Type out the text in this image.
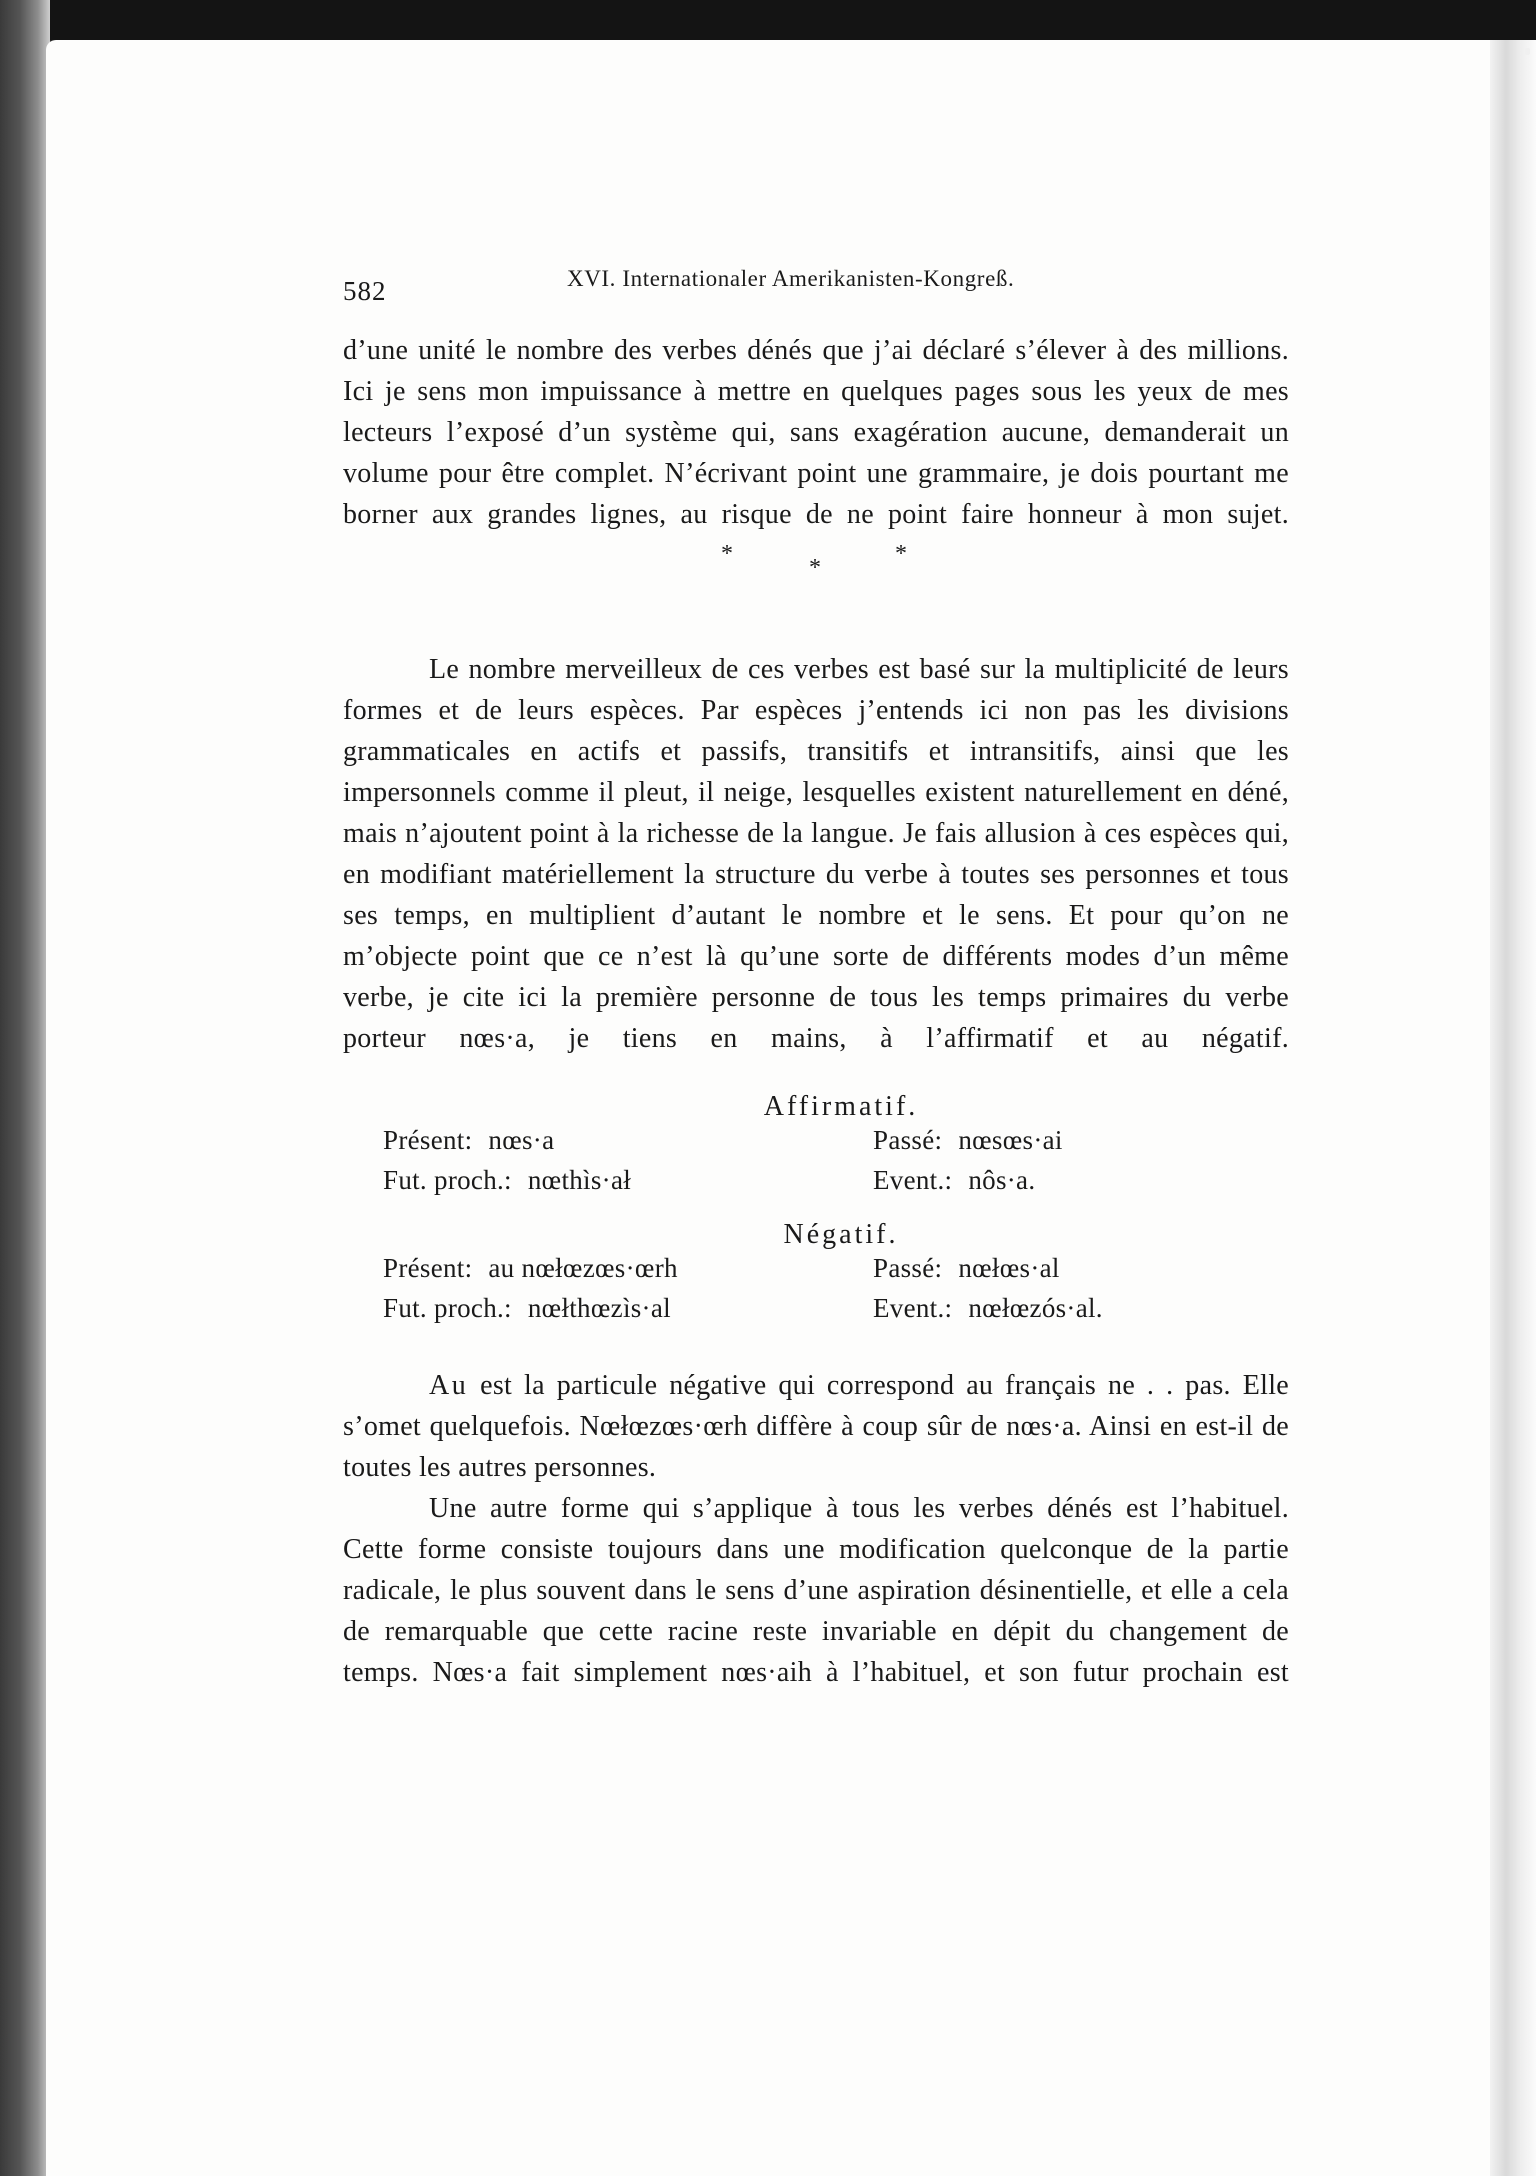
582	XVI. Internationaler Amerikanisten-Kongreß.

d’une unité le nombre des verbes dénés que j’ai déclaré s’élever à des millions. Ici je sens mon impuissance à mettre en quelques pages sous les yeux de mes lecteurs l’exposé d’un système qui, sans exagération aucune, demanderait un volume pour être complet. N’écrivant point une grammaire, je dois pourtant me borner aux grandes lignes, au risque de ne point faire honneur à mon sujet.

*
*
*

Le nombre merveilleux de ces verbes est basé sur la multiplicité de leurs formes et de leurs espèces. Par espèces j’entends ici non pas les divisions grammaticales en actifs et passifs, transitifs et intransitifs, ainsi que les impersonnels comme il pleut, il neige, lesquelles existent naturellement en déné, mais n’ajoutent point à la richesse de la langue. Je fais allusion à ces espèces qui, en modifiant matériellement la structure du verbe à toutes ses personnes et tous ses temps, en multiplient d’autant le nombre et le sens. Et pour qu’on ne m’objecte point que ce n’est là qu’une sorte de différents modes d’un même verbe, je cite ici la première personne de tous les temps primaires du verbe porteur nœs·a, je tiens en mains, à l’affirmatif et au négatif.

Affirmatif.

Présent: nœs·a	Passé: nœsœs·ai
Fut. proch.: nœthìs·ał	Event.: nôs·a.

Négatif.

Présent: au nœłœzœs·œrh	Passé: nœłœs·al
Fut. proch.: nœłthœzìs·al	Event.: nœłœzós·al.

Au est la particule négative qui correspond au français ne . . pas. Elle s’omet quelquefois. Nœłœzœs·œrh diffère à coup sûr de nœs·a. Ainsi en est-il de toutes les autres personnes.

Une autre forme qui s’applique à tous les verbes dénés est l’habituel. Cette forme consiste toujours dans une modification quelconque de la partie radicale, le plus souvent dans le sens d’une aspiration désinentielle, et elle a cela de remarquable que cette racine reste invariable en dépit du changement de temps. Nœs·a fait simplement nœs·aih à l’habituel, et son futur prochain est
